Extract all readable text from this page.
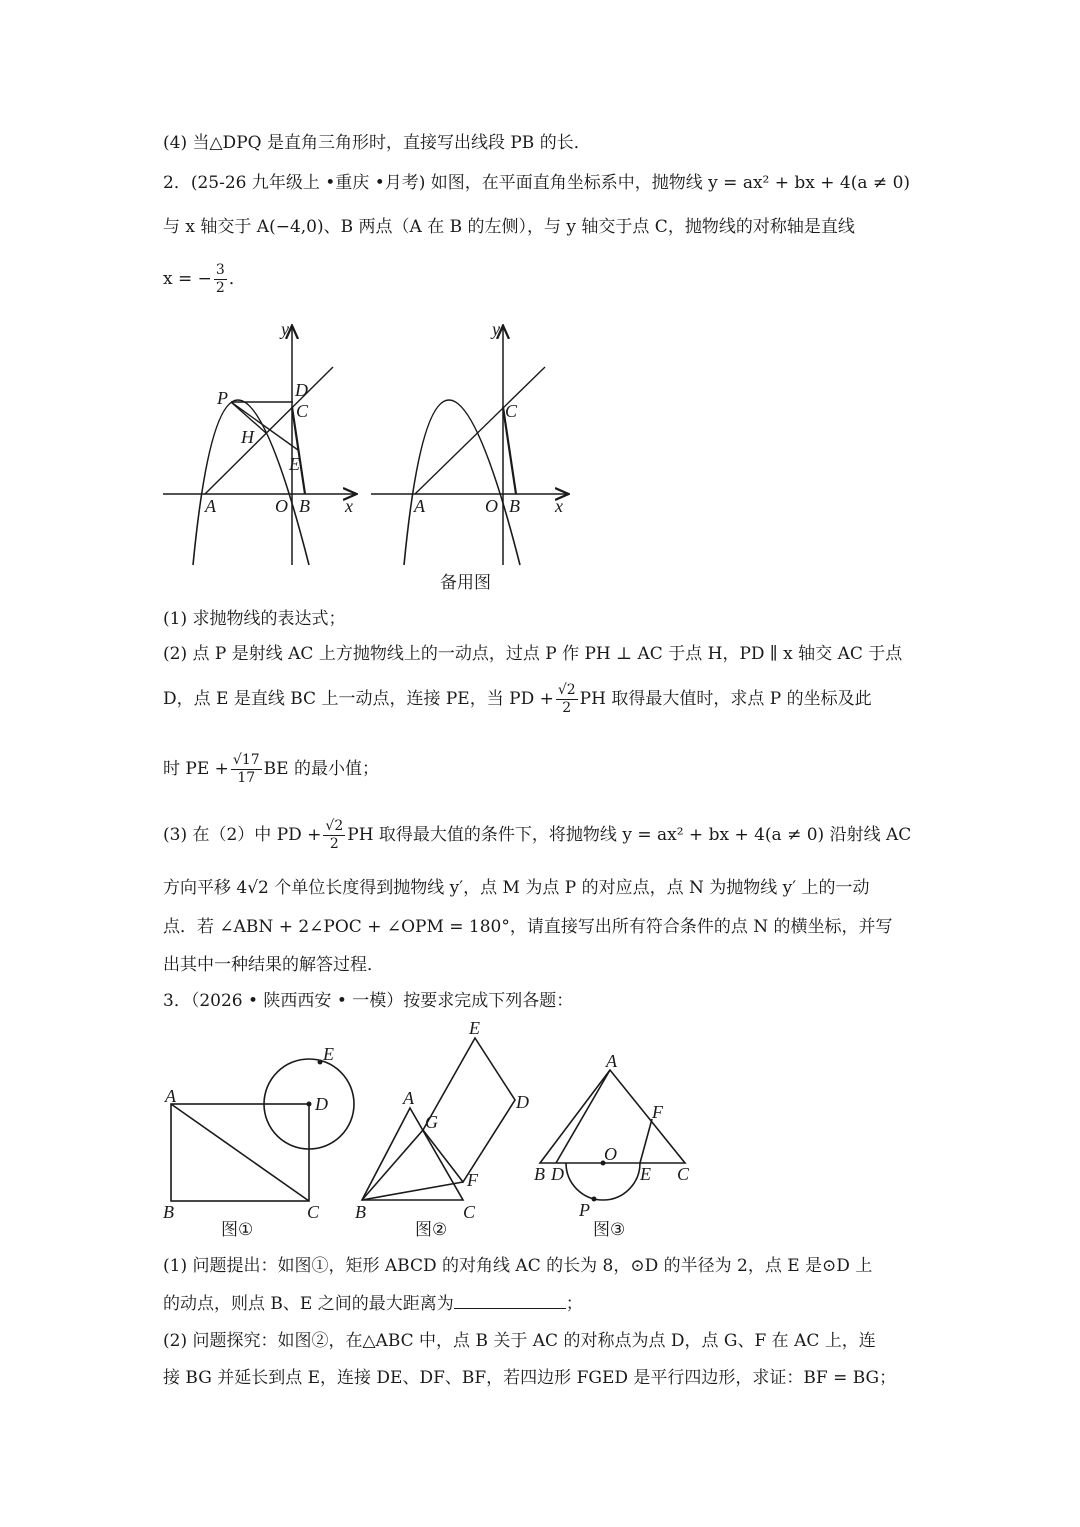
(4) 当△DPQ 是直角三角形时，直接写出线段 PB 的长．
2．(25-26 九年级上 •重庆 •月考) 如图，在平面直角坐标系中，抛物线 y = ax² + bx + 4(a ≠ 0)
与 x 轴交于 A(−4,0)、B 两点（A 在 B 的左侧），与 y 轴交于点 C，抛物线的对称轴是直线
x = − $\frac{3}{2}$ ．
y
x
A	O B
C
D
P
H
E
y
x
A	O B
C
备用图
(1) 求抛物线的表达式；
(2) 点 P 是射线 AC 上方抛物线上的一动点，过点 P 作 PH ⊥ AC 于点 H，PD ∥ x 轴交 AC 于点
D，点 E 是直线 BC 上一动点，连接 PE，当 PD + $\frac{√2}{2}$ PH 取得最大值时，求点 P 的坐标及此
时 PE + $\frac{√17}{17}$ BE 的最小值；
(3) 在（2）中 PD + $\frac{√2}{2}$ PH 取得最大值的条件下，将抛物线 y = ax² + bx + 4(a ≠ 0) 沿射线 AC
方向平移 4√2 个单位长度得到抛物线 y′，点 M 为点 P 的对应点，点 N 为抛物线 y′ 上的一动
点．若 ∠ABN + 2∠POC + ∠OPM = 180°，请直接写出所有符合条件的点 N 的横坐标，并写
出其中一种结果的解答过程．
3．（2026 • 陕西西安 • 一模）按要求完成下列各题：
A
B	C
D
E
图①
A
B	C
D
E
F
G
图②
A
B	C
D	E
F
O
P
图③
(1) 问题提出：如图①，矩形 ABCD 的对角线 AC 的长为 8，⊙D 的半径为 2，点 E 是⊙D 上
的动点，则点 B、E 之间的最大距离为	；
(2) 问题探究：如图②，在△ABC 中，点 B 关于 AC 的对称点为点 D，点 G、F 在 AC 上，连
接 BG 并延长到点 E，连接 DE、DF、BF，若四边形 FGED 是平行四边形，求证：BF = BG；
